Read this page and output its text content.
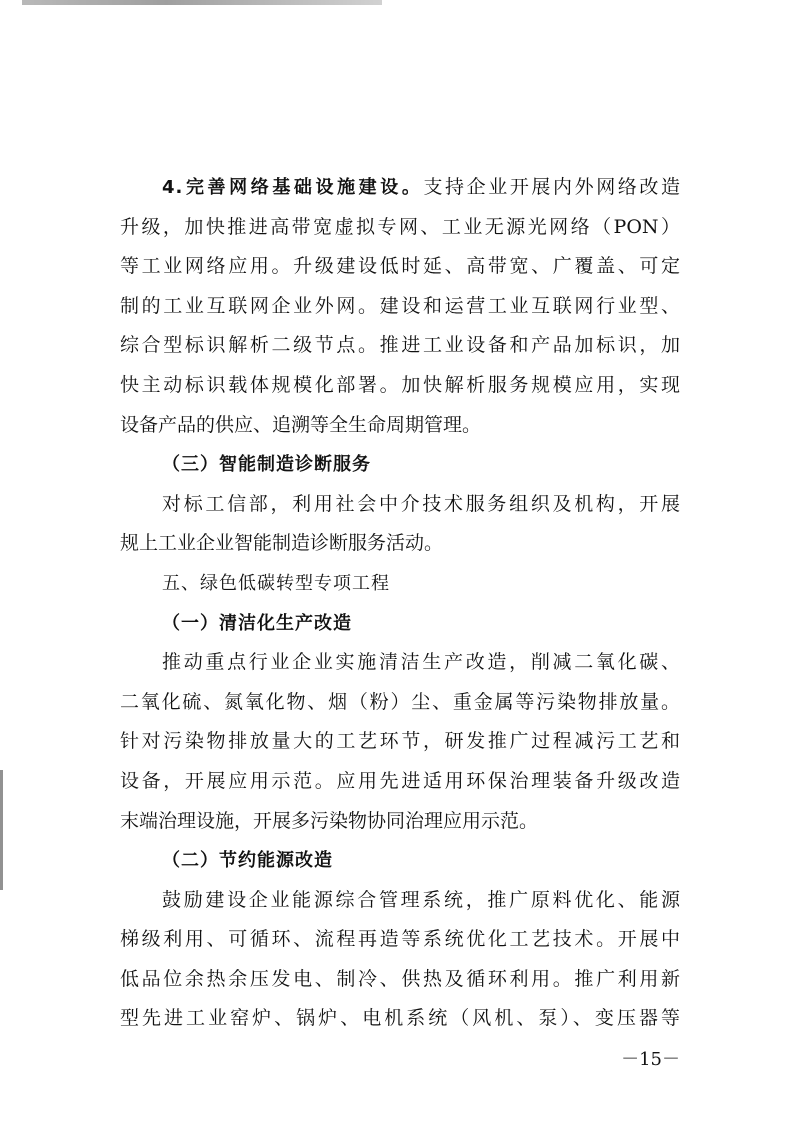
4.完善网络基础设施建设。支持企业开展内外网络改造
升级，加快推进高带宽虚拟专网、工业无源光网络（PON）
等工业网络应用。升级建设低时延、高带宽、广覆盖、可定
制的工业互联网企业外网。建设和运营工业互联网行业型、
综合型标识解析二级节点。推进工业设备和产品加标识，加
快主动标识载体规模化部署。加快解析服务规模应用，实现
设备产品的供应、追溯等全生命周期管理。
（三）智能制造诊断服务
对标工信部，利用社会中介技术服务组织及机构，开展
规上工业企业智能制造诊断服务活动。
五、绿色低碳转型专项工程
（一）清洁化生产改造
推动重点行业企业实施清洁生产改造，削减二氧化碳、
二氧化硫、氮氧化物、烟（粉）尘、重金属等污染物排放量。
针对污染物排放量大的工艺环节，研发推广过程减污工艺和
设备，开展应用示范。应用先进适用环保治理装备升级改造
末端治理设施，开展多污染物协同治理应用示范。
（二）节约能源改造
鼓励建设企业能源综合管理系统，推广原料优化、能源
梯级利用、可循环、流程再造等系统优化工艺技术。开展中
低品位余热余压发电、制冷、供热及循环利用。推广利用新
型先进工业窑炉、锅炉、电机系统（风机、泵）、变压器等
－15－
